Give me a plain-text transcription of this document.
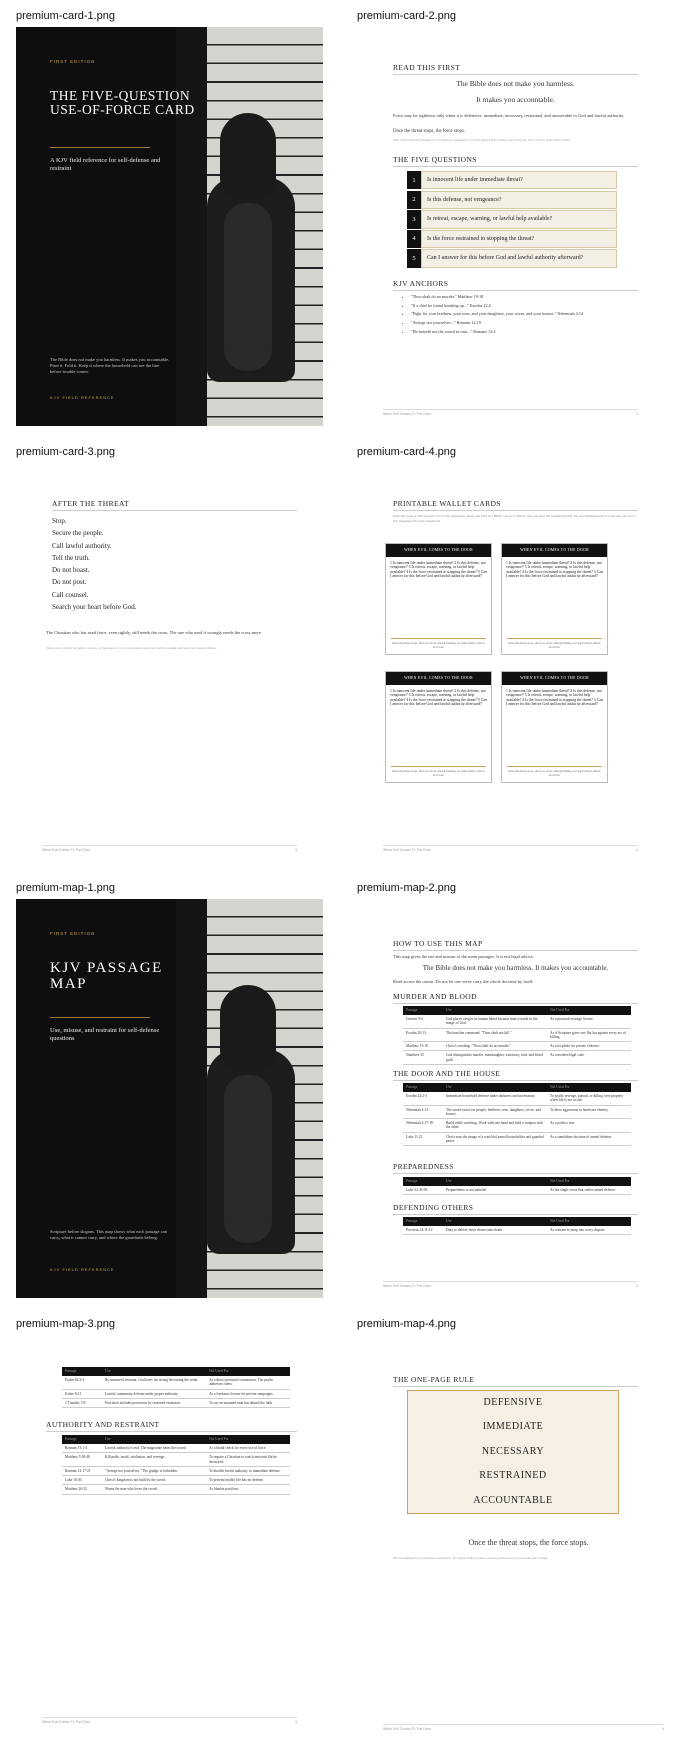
premium-card-1.png	premium-card-2.png
premium-card-3.png	premium-card-4.png
premium-map-1.png	premium-map-2.png
premium-map-3.png	premium-map-4.png
FIRST EDITION
THE FIVE-QUESTION USE-OF-FORCE CARD
A KJV field reference for self-defense and restraint
The Bible does not make you harmless. It makes you accountable. Print it. Fold it. Keep it where the household can see the line before trouble comes.
KJV FIELD REFERENCE
READ THIS FIRST
The Bible does not make you harmless.
It makes you accountable.
Force may be righteous only when it is defensive, immediate, necessary, restrained, and answerable to God and lawful authority.
Once the threat stops, the force stops.
This card is moral framing for a Christian conscience. It is not legal advice. Know and obey the laws of your state and locality.
THE FIVE QUESTIONS
1	Is innocent life under immediate threat?
2	Is this defense, not vengeance?
3	Is retreat, escape, warning, or lawful help available?
4	Is the force restrained to stopping the threat?
5	Can I answer for this before God and lawful authority afterward?
KJV ANCHORS
• "Thou shalt do no murder." Matthew 19:18
• "If a thief be found breaking up..." Exodus 22:2
• "Fight for your brethren, your sons, and your daughters, your wives, and your houses." Nehemiah 4:14
• "Avenge not yourselves..." Romans 12:19
• "He beareth not the sword in vain..." Romans 13:4
When Evil Comes To The Door	1
AFTER THE THREAT
Stop.
Secure the people.
Call lawful authority.
Tell the truth.
Do not boast.
Do not post.
Call counsel.
Search your heart before God.
The Christian who has used force, even rightly, still needs the cross. The one who used it wrongly needs the cross more.
This is not a script for police, courts, or insurance. It is a conscience card. Get lawful counsel and heed law present duties.
When Evil Comes To The Door	3
PRINTABLE WALLET CARDS
Print this page at 100 percent. Cut on the light lines. Keep one card in a Bible, one in a vehicle, and one near the household plan. Do not laminate until you are sure the local-law language fits your household.
WHEN EVIL COMES TO THE DOOR
1 Is innocent life under immediate threat? 2 Is this defense, not vengeance? 3 Is retreat, escape, warning, or lawful help available? 4 Is the force restrained to stopping the threat? 5 Can I answer for this before God and lawful authority afterward?
Once the threat stops, the force stops. Moral framing, not legal advice. Know local law.
WHEN EVIL COMES TO THE DOOR
1 Is innocent life under immediate threat? 2 Is this defense, not vengeance? 3 Is retreat, escape, warning, or lawful help available? 4 Is the force restrained to stopping the threat? 5 Can I answer for this before God and lawful authority afterward?
Once the threat stops, the force stops. Moral framing, not legal advice. Know local law.
WHEN EVIL COMES TO THE DOOR
1 Is innocent life under immediate threat? 2 Is this defense, not vengeance? 3 Is retreat, escape, warning, or lawful help available? 4 Is the force restrained to stopping the threat? 5 Can I answer for this before God and lawful authority afterward?
Once the threat stops, the force stops. Moral framing, not legal advice. Know local law.
WHEN EVIL COMES TO THE DOOR
1 Is innocent life under immediate threat? 2 Is this defense, not vengeance? 3 Is retreat, escape, warning, or lawful help available? 4 Is the force restrained to stopping the threat? 5 Can I answer for this before God and lawful authority afterward?
Once the threat stops, the force stops. Moral framing, not legal advice. Know local law.
When Evil Comes To The Door	4
FIRST EDITION
KJV PASSAGE MAP
Use, misuse, and restraint for self-defense questions
Scripture before slogans. This map shows what each passage can carry, what it cannot carry, and where the guardrails belong.
KJV FIELD REFERENCE
HOW TO USE THIS MAP
This map gives the use and misuse of the main passages. It is not legal advice.
The Bible does not make you harmless. It makes you accountable.
Read across the canon. Do not let one verse carry the whole doctrine by itself.
MURDER AND BLOOD
Passage	Use	Not Used For
Genesis 9:6	God places weight on human blood because man is made in the image of God.	As a personal revenge license.
Exodus 20:13	The baseline command: "Thou shalt not kill."	As if Scripture gives one flat bar against every act of killing.
Matthew 19:18	Christ's wording: "Thou shalt do no murder."	As a loophole for private violence.
Numbers 35	God distinguishes murder, manslaughter, sanctuary, trial, and blood guilt.	As a modern legal code.
THE DOOR AND THE HOUSE
Passage	Use	Not Used For
Exodus 22:2-3	Immediate household defense under darkness and uncertainty.	To justify revenge, pursuit, or killing over property when life is not at risk.
Nehemiah 4:14	The sword exists for people: brethren, sons, daughters, wives, and houses.	To bless aggression or hardware identity.
Nehemiah 4:17-18	Build while watching. Work with one hand and hold a weapon with the other.	As a politics text.
Luke 11:21	Christ uses the image of a watchful armed householder and guarded peace.	As a standalone doctrine of armed defense.
PREPAREDNESS
Passage	Use	Not Used For
Luke 22:36-38	Preparedness is not unbelief.	As the single verse that settles armed defense.
DEFENDING OTHERS
Passage	Use	Not Used For
Proverbs 24:11-12	Duty to deliver those drawn unto death.	As warrant to jump into every dispute.
When Evil Comes To The Door	2
Passage	Use	Not Used For
Psalm 82:3-4	By measured restraint. God hates the strong devouring the weak.	As a direct personal commission. The psalm addresses rulers.
Esther 8:11	Lawful community defense under proper authority.	As a freelance license for private campaigns.
1 Timothy 5:8	Provision includes protection by reasoned extension.	To say an unarmed man has denied the faith.
AUTHORITY AND RESTRAINT
Passage	Use	Not Used For
Romans 13:1-4	Lawful authority is real. The magistrate bears the sword.	As a blank check for every use of force.
Matthew 5:38-48	Kill pride, insult, retaliation, and revenge.	To require a Christian to watch innocent life be destroyed.
Romans 12:17-21	"Avenge not yourselves." The grudge is forbidden.	To abolish lawful authority or immediate defense.
Luke 16:36	Christ's kingdom is not built by the sword.	To pretend earthly life has no defense.
Matthew 26:52	Warns the man who loves the sword.	As blanket pacifism.
When Evil Comes To The Door	3
THE ONE-PAGE RULE
DEFENSIVE
IMMEDIATE
NECESSARY
RESTRAINED
ACCOUNTABLE
Once the threat stops, the force stops.
Moral framing for a Christian conscience. Not legal advice. Know and obey the laws of your state and locality.
When Evil Comes To The Door	4
